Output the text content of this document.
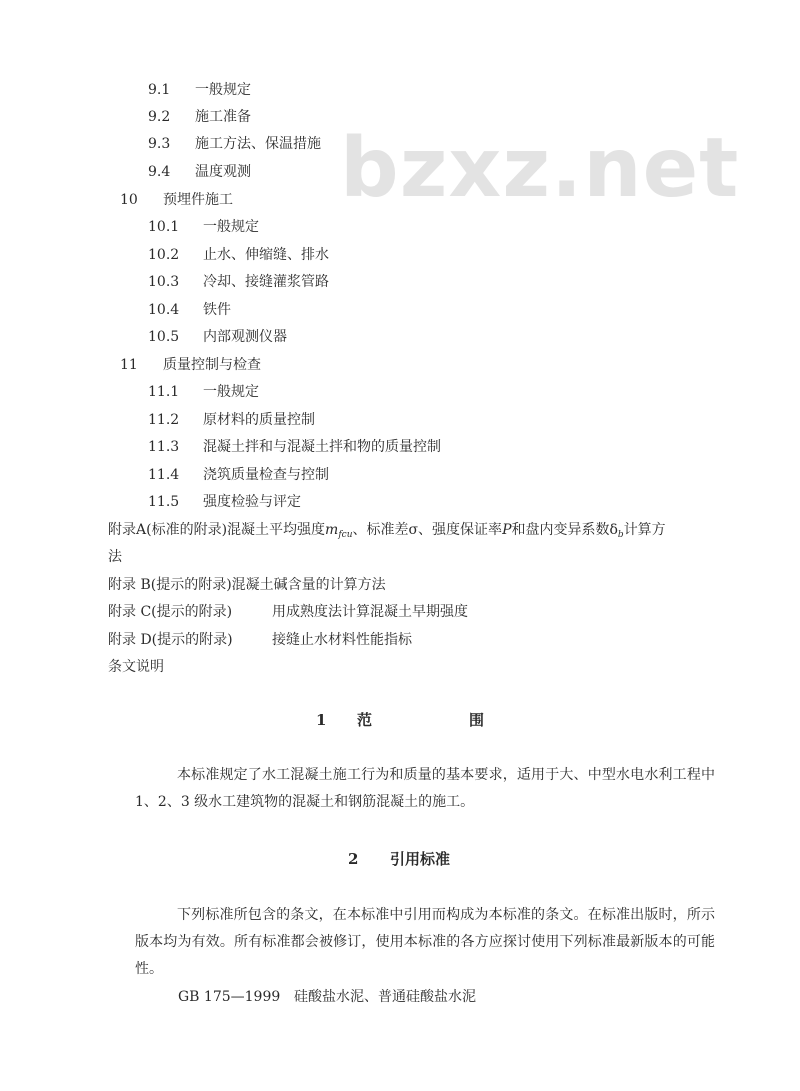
bzxz.net
9.1 一般规定
9.2 施工准备
9.3 施工方法、保温措施
9.4 温度观测
10 预埋件施工
10.1 一般规定
10.2 止水、伸缩缝、排水
10.3 冷却、接缝灌浆管路
10.4 铁件
10.5 内部观测仪器
11 质量控制与检查
11.1 一般规定
11.2 原材料的质量控制
11.3 混凝土拌和与混凝土拌和物的质量控制
11.4 浇筑质量检查与控制
11.5 强度检验与评定
附录A(标准的附录)混凝土平均强度$m_{fcu}$、标准差σ、强度保证率P和盘内变异系数$\delta_b$计算方
法
附录 B(提示的附录)混凝土碱含量的计算方法
附录 C(提示的附录)	用成熟度法计算混凝土早期强度
附录 D(提示的附录)	接缝止水材料性能指标
条文说明
1 范	围
本标准规定了水工混凝土施工行为和质量的基本要求，适用于大、中型水电水利工程中 1、2、3 级水工建筑物的混凝土和钢筋混凝土的施工。
2 引用标准
下列标准所包含的条文，在本标准中引用而构成为本标准的条文。在标准出版时，所示版本均为有效。所有标准都会被修订，使用本标准的各方应探讨使用下列标准最新版本的可能性。
GB 175—1999 硅酸盐水泥、普通硅酸盐水泥
